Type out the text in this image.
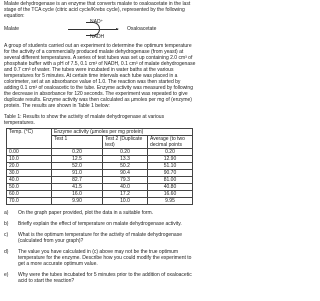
Malate dehydrogenase is an enzyme that converts malate to oxaloacetate in the last stage of the TCA cycle (citric acid cycle/Krebs cycle), represented by the following equation:

NAD⁺
Malate	Oxaloacetate
NADH

A group of students carried out an experiment to determine the optimum temperature for the activity of a commercially produced malate dehydrogenase (from yeast) at several different temperatures. A series of test tubes was set up containing 2.0 cm³ of phosphate buffer with a pH of 7.5, 0.1 cm³ of NADH, 0.1 cm³ of malate dehydrogenase and 0.7 cm³ of water. The tubes were incubated in water baths at the various temperatures for 5 minutes. At certain time intervals each tube was placed in a colorimeter, set at an absorbance value of 1.0. The reaction was then started by adding 0.1 cm³ of oxaloacetic to the tube. Enzyme activity was measured by following the decrease in absorbance for 120 seconds. The experiment was repeated to give duplicate results. Enzyme activity was then calculated as µmoles per mg of (enzyme) protein. The results are shown in Table 1 below:

Table 1: Results to show the activity of malate dehydrogenase at various temperatures.

Temp. (°C)	Enzyme activity (µmoles per mg protein)		
	Test 1	Test 2 (Duplicate test)	Average (to two decimal points
0.00	0.20	0.20	0.20
10.0	12.5	13.3	12.90
20.0	52.0	50.2	51.10
30.0	91.0	90.4	90.70
40.0	82.7	79.3	81.00
50.0	41.5	40.0	40.80
60.0	16.0	17.2	16.60
70.0	9.90	10.0	9.95
a)	On the graph paper provided, plot the data in a suitable form.
b)	Briefly explain the effect of temperature on malate dehydrogenase activity.
c)	What is the optimum temperature for the activity of malate dehydrogenase (calculated from your graph)?
d)	The value you have calculated in (c) above may not be the true optimum temperature for the enzyme. Describe how you could modify the experiment to get a more accurate optimum value.
e)	Why were the tubes incubated for 5 minutes prior to the addition of oxaloacetic acid to start the reaction?
